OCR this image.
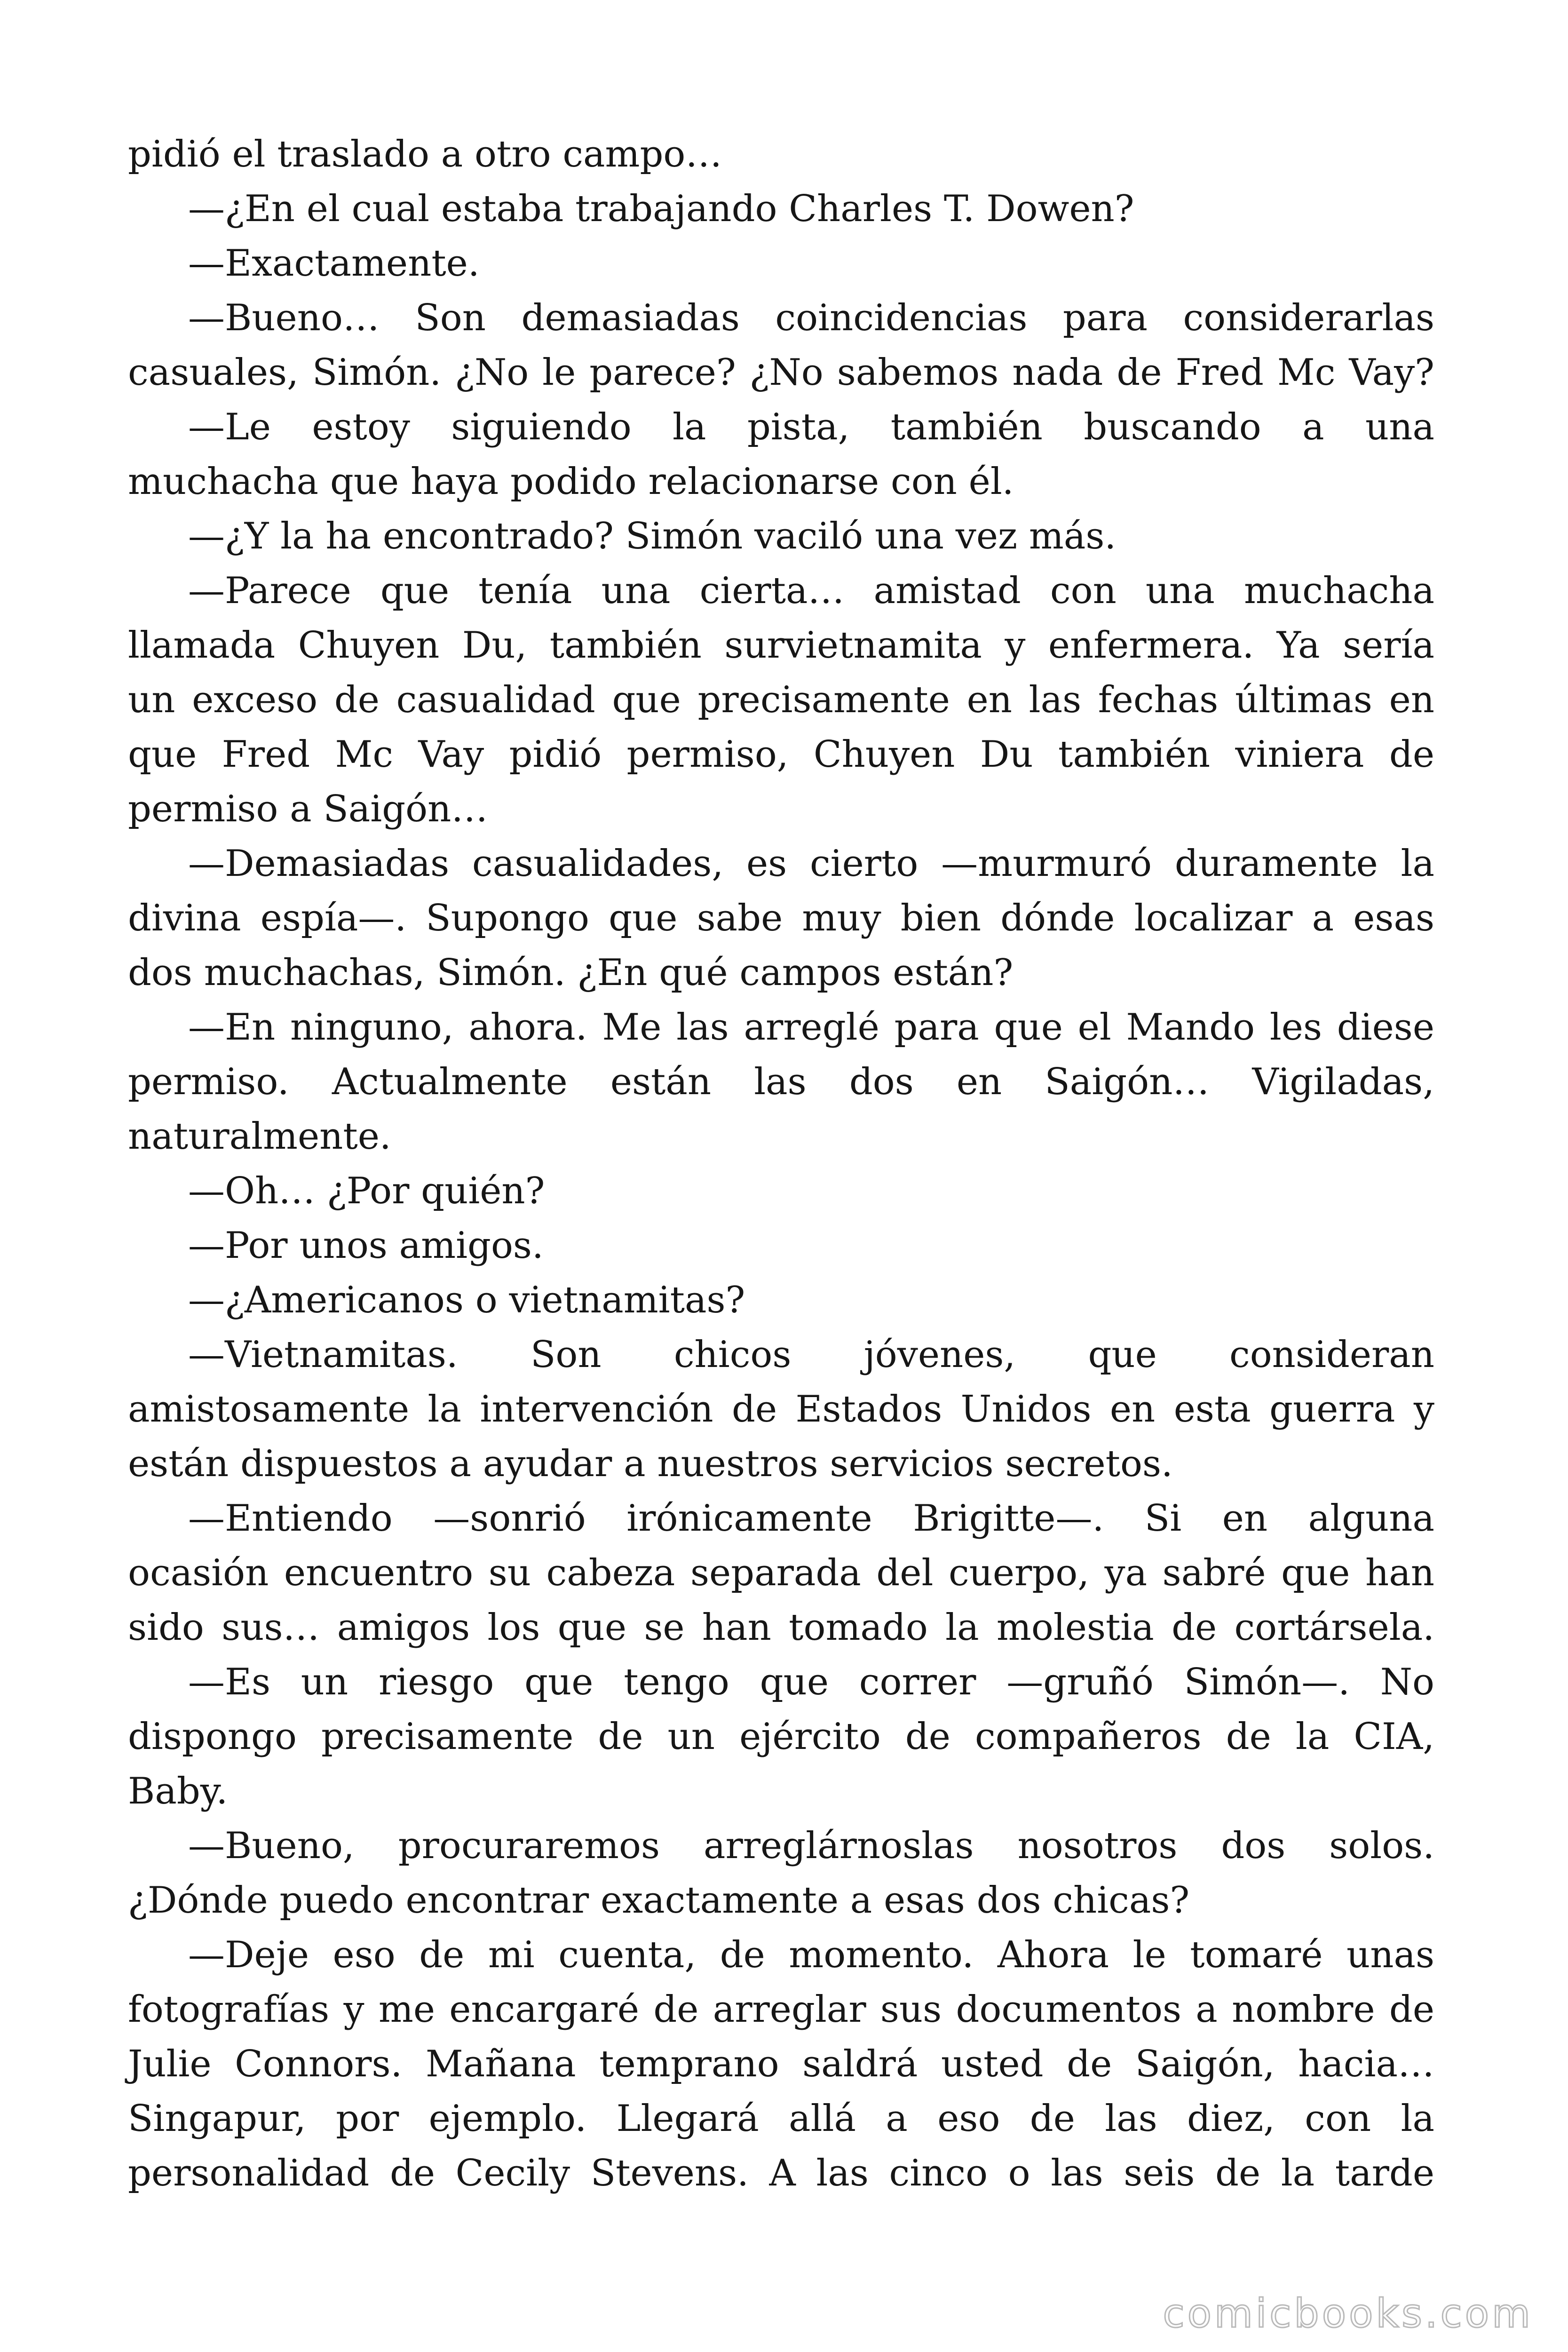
pidió el traslado a otro campo…
—¿En el cual estaba trabajando Charles T. Dowen?
—Exactamente.
—Bueno… Son demasiadas coincidencias para considerarlas
casuales, Simón. ¿No le parece? ¿No sabemos nada de Fred Mc Vay?
—Le estoy siguiendo la pista, también buscando a una
muchacha que haya podido relacionarse con él.
—¿Y la ha encontrado? Simón vaciló una vez más.
—Parece que tenía una cierta… amistad con una muchacha
llamada Chuyen Du, también survietnamita y enfermera. Ya sería
un exceso de casualidad que precisamente en las fechas últimas en
que Fred Mc Vay pidió permiso, Chuyen Du también viniera de
permiso a Saigón…
—Demasiadas casualidades, es cierto —murmuró duramente la
divina espía—. Supongo que sabe muy bien dónde localizar a esas
dos muchachas, Simón. ¿En qué campos están?
—En ninguno, ahora. Me las arreglé para que el Mando les diese
permiso. Actualmente están las dos en Saigón… Vigiladas,
naturalmente.
—Oh… ¿Por quién?
—Por unos amigos.
—¿Americanos o vietnamitas?
—Vietnamitas. Son chicos jóvenes, que consideran
amistosamente la intervención de Estados Unidos en esta guerra y
están dispuestos a ayudar a nuestros servicios secretos.
—Entiendo —sonrió irónicamente Brigitte—. Si en alguna
ocasión encuentro su cabeza separada del cuerpo, ya sabré que han
sido sus… amigos los que se han tomado la molestia de cortársela.
—Es un riesgo que tengo que correr —gruñó Simón—. No
dispongo precisamente de un ejército de compañeros de la CIA,
Baby.
—Bueno, procuraremos arreglárnoslas nosotros dos solos.
¿Dónde puedo encontrar exactamente a esas dos chicas?
—Deje eso de mi cuenta, de momento. Ahora le tomaré unas
fotografías y me encargaré de arreglar sus documentos a nombre de
Julie Connors. Mañana temprano saldrá usted de Saigón, hacia…
Singapur, por ejemplo. Llegará allá a eso de las diez, con la
personalidad de Cecily Stevens. A las cinco o las seis de la tarde
comicbooks.com
